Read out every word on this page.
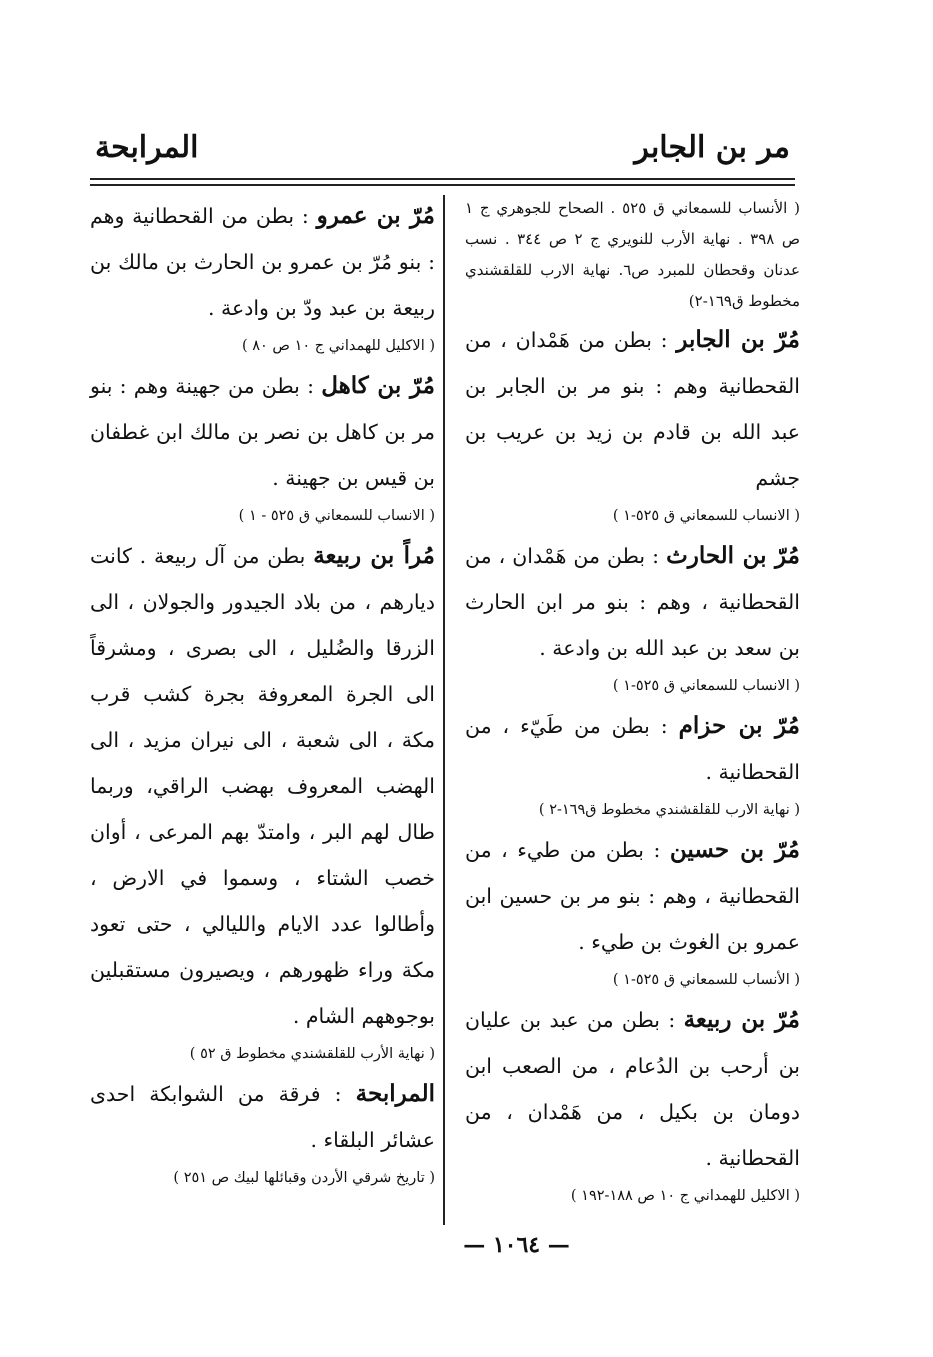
مر بن الجابر
المرابحة

( الأنساب للسمعاني ق ٥٢٥ . الصحاح للجوهري ج ١ ص ٣٩٨ . نهاية الأرب للنويري ج ٢ ص ٣٤٤ . نسب عدنان وقحطان للمبرد ص٦. نهاية الارب للقلقشندي مخطوط ق١٦٩-٢)

مُرّ بن الجابر : بطن من هَمْدان ، من القحطانية وهم : بنو مر بن الجابر بن عبد الله بن قادم بن زيد بن عريب بن جشم

( الانساب للسمعاني ق ٥٢٥-١ )

مُرّ بن الحارث : بطن من هَمْدان ، من القحطانية ، وهم : بنو مر ابن الحارث بن سعد بن عبد الله بن وادعة .

( الانساب للسمعاني ق ٥٢٥-١ )

مُرّ بن حزام : بطن من طَيّء ، من القحطانية .

( نهاية الارب للقلقشندي مخطوط ق١٦٩-٢ )

مُرّ بن حسين : بطن من طيء ، من القحطانية ، وهم : بنو مر بن حسين ابن عمرو بن الغوث بن طيء .

( الأنساب للسمعاني ق ٥٢٥-١ )

مُرّ بن ربيعة : بطن من عبد بن عليان بن أرحب بن الدُعام ، من الصعب ابن دومان بن بكيل ، من هَمْدان ، من القحطانية .

( الاكليل للهمداني ج ١٠ ص ١٨٨-١٩٢ )

مُرّ بن عمرو : بطن من القحطانية وهم : بنو مُرّ بن عمرو بن الحارث بن مالك بن ربيعة بن عبد ودّ بن وادعة .

( الاكليل للهمداني ج ١٠ ص ٨٠ )

مُرّ بن كاهل : بطن من جهينة وهم : بنو مر بن كاهل بن نصر بن مالك ابن غطفان بن قيس بن جهينة .

( الانساب للسمعاني ق ٥٢٥ - ١ )

مُراً بن ربيعة بطن من آل ربيعة . كانت ديارهم ، من بلاد الجيدور والجولان ، الى الزرقا والضُليل ، الى بصرى ، ومشرقاً الى الجرة المعروفة بجرة كشب قرب مكة ، الى شعبة ، الى نيران مزيد ، الى الهضب المعروف بهضب الراقي، وربما طال لهم البر ، وامتدّ بهم المرعى ، أوان خصب الشتاء ، وسموا في الارض ، وأطالوا عدد الايام والليالي ، حتى تعود مكة وراء ظهورهم ، ويصيرون مستقبلين بوجوههم الشام .

( نهاية الأرب للقلقشندي مخطوط ق ٥٢ )

المرابحة : فرقة من الشوابكة احدى عشائر البلقاء .

( تاريخ شرقي الأردن وقبائلها لبيك ص ٢٥١ )

— ١٠٦٤ —
